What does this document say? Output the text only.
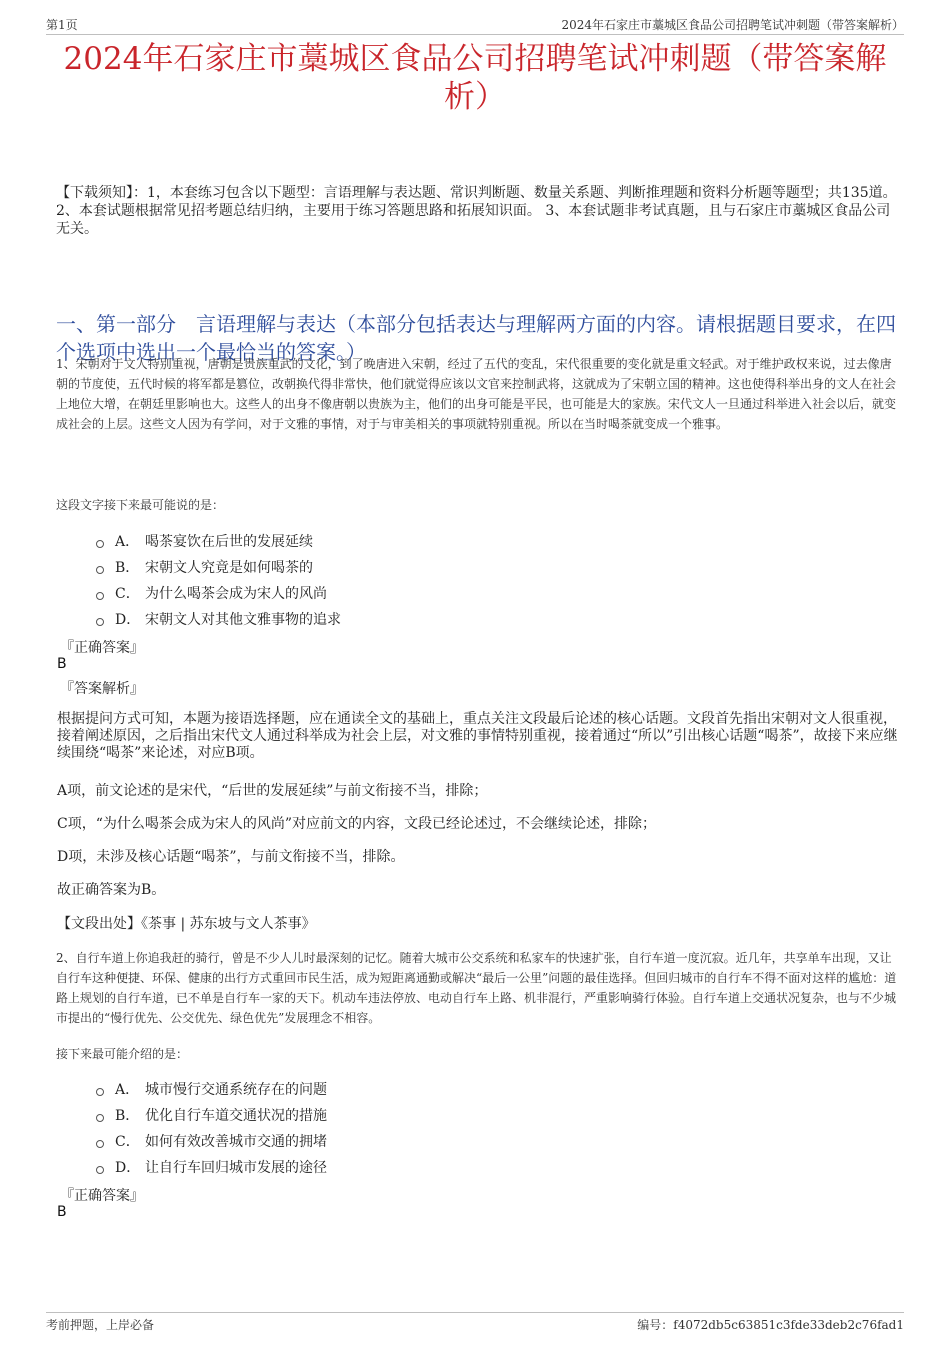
第1页	2024年石家庄市藁城区食品公司招聘笔试冲刺题（带答案解析）
2024年石家庄市藁城区食品公司招聘笔试冲刺题（带答案解析）
【下载须知】：1，本套练习包含以下题型：言语理解与表达题、常识判断题、数量关系题、判断推理题和资料分析题等题型；共135道。 2、本套试题根据常见招考题总结归纳，主要用于练习答题思路和拓展知识面。 3、本套试题非考试真题，且与石家庄市藁城区食品公司无关。
一、第一部分　言语理解与表达（本部分包括表达与理解两方面的内容。请根据题目要求，在四个选项中选出一个最恰当的答案。）
1、宋朝对于文人特别重视，唐朝是贵族重武的文化，到了晚唐进入宋朝，经过了五代的变乱，宋代很重要的变化就是重文轻武。对于维护政权来说，过去像唐朝的节度使，五代时候的将军都是篡位，改朝换代得非常快，他们就觉得应该以文官来控制武将，这就成为了宋朝立国的精神。这也使得科举出身的文人在社会上地位大增，在朝廷里影响也大。这些人的出身不像唐朝以贵族为主，他们的出身可能是平民，也可能是大的家族。宋代文人一旦通过科举进入社会以后，就变成社会的上层。这些文人因为有学问，对于文雅的事情，对于与审美相关的事项就特别重视。所以在当时喝茶就变成一个雅事。
这段文字接下来最可能说的是：
A． 喝茶宴饮在后世的发展延续
B． 宋朝文人究竟是如何喝茶的
C． 为什么喝茶会成为宋人的风尚
D． 宋朝文人对其他文雅事物的追求
『正确答案』
B
『答案解析』
根据提问方式可知，本题为接语选择题，应在通读全文的基础上，重点关注文段最后论述的核心话题。文段首先指出宋朝对文人很重视，接着阐述原因，之后指出宋代文人通过科举成为社会上层，对文雅的事情特别重视，接着通过“所以”引出核心话题“喝茶”，故接下来应继续围绕“喝茶”来论述，对应B项。
A项，前文论述的是宋代，“后世的发展延续”与前文衔接不当，排除；
C项，“为什么喝茶会成为宋人的风尚”对应前文的内容，文段已经论述过，不会继续论述，排除；
D项，未涉及核心话题“喝茶”，与前文衔接不当，排除。
故正确答案为B。
【文段出处】《茶事 | 苏东坡与文人茶事》
2、自行车道上你追我赶的骑行，曾是不少人儿时最深刻的记忆。随着大城市公交系统和私家车的快速扩张，自行车道一度沉寂。近几年，共享单车出现，又让自行车这种便捷、环保、健康的出行方式重回市民生活，成为短距离通勤或解决“最后一公里”问题的最佳选择。但回归城市的自行车不得不面对这样的尴尬：道路上规划的自行车道，已不单是自行车一家的天下。机动车违法停放、电动自行车上路、机非混行，严重影响骑行体验。自行车道上交通状况复杂，也与不少城市提出的“慢行优先、公交优先、绿色优先”发展理念不相容。
接下来最可能介绍的是：
A． 城市慢行交通系统存在的问题
B． 优化自行车道交通状况的措施
C． 如何有效改善城市交通的拥堵
D． 让自行车回归城市发展的途径
『正确答案』
B
考前押题，上岸必备	编号：f4072db5c63851c3fde33deb2c76fad1
